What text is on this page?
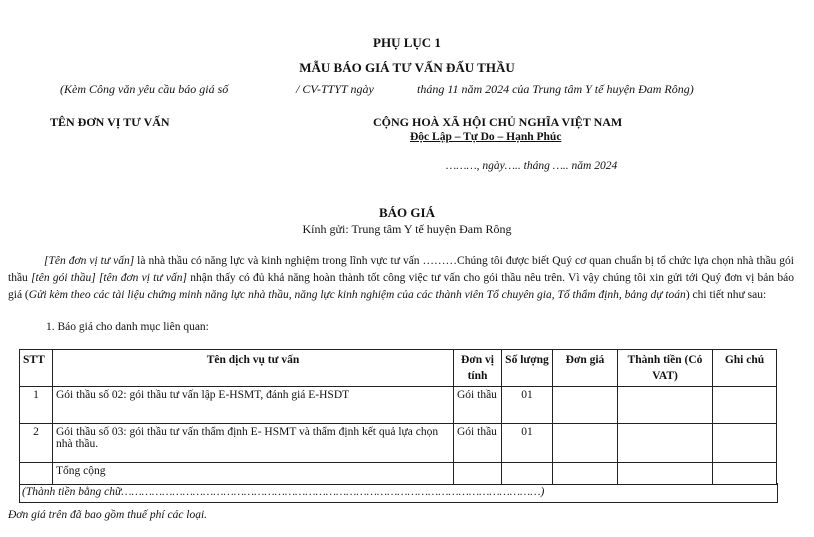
PHỤ LỤC 1
MẪU BÁO GIÁ TƯ VẤN ĐẤU THẦU
(Kèm Công văn yêu cầu báo giá số	/ CV-TTYT ngày	tháng 11 năm 2024 của Trung tâm Y tế huyện Đam Rông)
TÊN ĐƠN VỊ TƯ VẤN	CỘNG HOÀ XÃ HỘI CHỦ NGHĨA VIỆT NAM
Độc Lập – Tự Do – Hạnh Phúc
………, ngày….. tháng ….. năm 2024
BÁO GIÁ
Kính gửi: Trung tâm Y tế huyện Đam Rông

[Tên đơn vị tư vấn] là nhà thầu có năng lực và kinh nghiệm trong lĩnh vực tư vấn ………Chúng tôi được biết Quý cơ quan chuẩn bị tổ chức lựa chọn nhà thầu gói thầu [tên gói thầu] [tên đơn vị tư vấn] nhận thấy có đủ khả năng hoàn thành tốt công việc tư vấn cho gói thầu nêu trên. Vì vậy chúng tôi xin gửi tới Quý đơn vị bản báo giá (Gửi kèm theo các tài liệu chứng minh năng lực nhà thầu, năng lực kinh nghiệm của các thành viên Tổ chuyên gia, Tổ thẩm định, bảng dự toán) chi tiết như sau:

1. Báo giá cho danh mục liên quan:
STT	Tên dịch vụ tư vấn	Đơn vị tính	Số lượng	Đơn giá	Thành tiền (Có VAT)	Ghi chú
1	Gói thầu số 02: gói thầu tư vấn lập E-HSMT, đánh giá E-HSDT	Gói thầu	01			
2	Gói thầu số 03: gói thầu tư vấn thẩm định E- HSMT và thẩm định kết quả lựa chọn nhà thầu.	Gói thầu	01			
	Tổng cộng					
(Thành tiền bằng chữ……………………………………………………………………………………………………………)
Đơn giá trên đã bao gồm thuế phí các loại.
